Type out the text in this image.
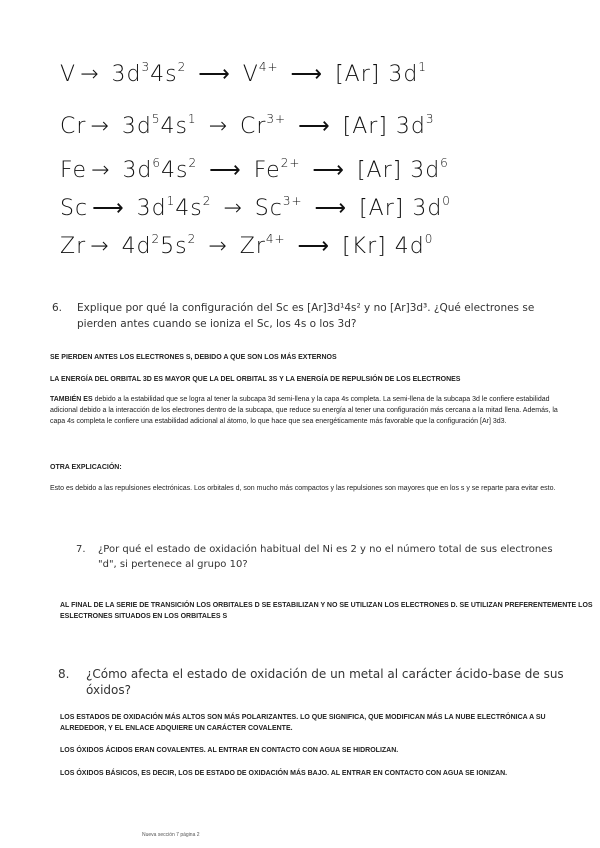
$V \to 3d^34s^2$ ⟶ $V^{4+}$ ⟶ [Ar] $3d^1$
$Cr \to 3d^54s^1 \to Cr^{3+}$ ⟶ [Ar] $3d^3$
$Fe \to 3d^64s^2$ ⟶ $Fe^{2+}$ ⟶ [Ar] $3d^6$
Sc ⟶ $3d^14s^2 \to Sc^{3+}$ ⟶ [Ar] $3d^0$
$Zr \to 4d^25s^2 \to Zr^{4+}$ ⟶ [Kr] $4d^0$
6.	Explique por qué la configuración del Sc es [Ar]3d¹4s² y no [Ar]3d³. ¿Qué electrones se
pierden antes cuando se ioniza el Sc, los 4s o los 3d?
SE PIERDEN ANTES LOS ELECTRONES S, DEBIDO A QUE SON LOS MÁS EXTERNOS
LA ENERGÍA DEL ORBITAL 3D ES MAYOR QUE LA DEL ORBITAL 3S Y LA ENERGÍA DE REPULSIÓN DE LOS ELECTRONES
TAMBIÉN ES debido a la estabilidad que se logra al tener la subcapa 3d semi-llena y la capa 4s completa. La semi-llena de la subcapa 3d le confiere estabilidad adicional debido a la interacción de los electrones dentro de la subcapa, que reduce su energía al tener una configuración más cercana a la mitad llena. Además, la capa 4s completa le confiere una estabilidad adicional al átomo, lo que hace que sea energéticamente más favorable que la configuración [Ar] 3d3.
OTRA EXPLICACIÓN:
Esto es debido a las repulsiones electrónicas. Los orbitales d, son mucho más compactos y las repulsiones son mayores que en los s y se reparte para evitar esto.
7.	¿Por qué el estado de oxidación habitual del Ni es 2 y no el número total de sus electrones
"d", si pertenece al grupo 10?
AL FINAL DE LA SERIE DE TRANSICIÓN LOS ORBITALES D SE ESTABILIZAN Y NO SE UTILIZAN LOS ELECTRONES D. SE UTILIZAN PREFERENTEMENTE LOS ESLECTRONES SITUADOS EN LOS ORBITALES S
8.	¿Cómo afecta el estado de oxidación de un metal al carácter ácido-base de sus óxidos?
LOS ESTADOS DE OXIDACIÓN MÁS ALTOS SON MÁS POLARIZANTES. LO QUE SIGNIFICA, QUE MODIFICAN MÁS LA NUBE ELECTRÓNICA A SU ALREDEDOR, Y EL ENLACE ADQUIERE UN CARÁCTER COVALENTE.
LOS ÓXIDOS ÁCIDOS ERAN COVALENTES. AL ENTRAR EN CONTACTO CON AGUA SE HIDROLIZAN.
LOS ÓXIDOS BÁSICOS, ES DECIR, LOS DE ESTADO DE OXIDACIÓN MÁS BAJO. AL ENTRAR EN CONTACTO CON AGUA SE IONIZAN.
Nueva sección 7 página 2
